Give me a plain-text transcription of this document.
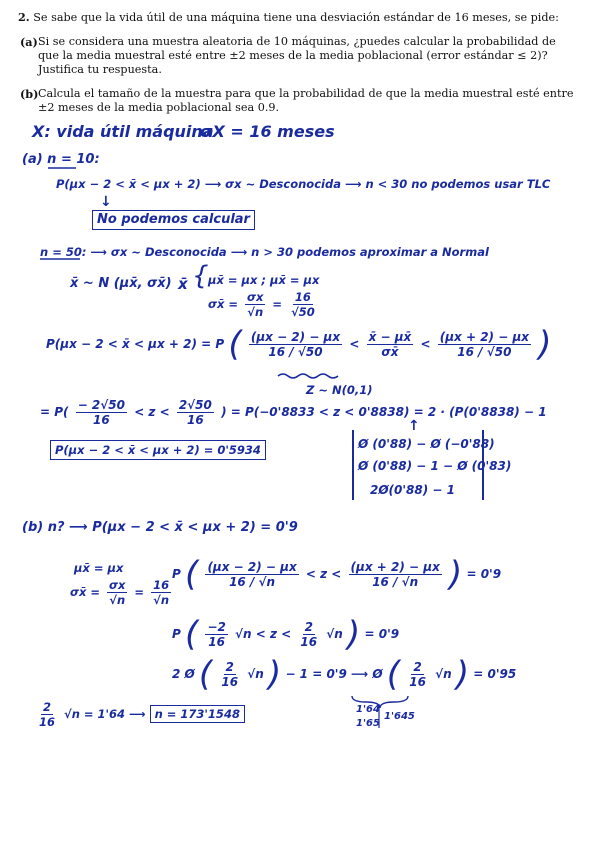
2. Se sabe que la vida útil de una máquina tiene una desviación estándar de 16 meses, se pide:

(a) Si se considera una muestra aleatoria de 10 máquinas, ¿puedes calcular la probabilidad de que la media muestral esté entre ±2 meses de la media poblacional (error estándar ≤ 2)? Justifica tu respuesta.
(b) Calcula el tamaño de la muestra para que la probabilidad de que la media muestral esté entre ±2 meses de la media poblacional sea 0.9.
X: vida útil máquina
σX = 16 meses
(a) n = 10:
P(μx − 2 < x̄ < μx + 2) ⟶ σx ~ Desconocida ⟶ n < 30 no podemos usar TLC
↓
No podemos calcular
n = 50: ⟶ σx ~ Desconocida ⟶ n > 30 podemos aproximar a Normal
x̄ ~ N (μx̄, σx̄) x̄ { μx̄ = μx ; μx̄ = μx
σx̄ = $\frac{\sigma x}{√n} = \frac{16}{√50}$
P(μx − 2 < x̄ < μx + 2) = P ( $\frac{(\mu x - 2) - \mu x}{16 / √50} < \frac{x̄ - \mu x̄}{\sigma x̄} < \frac{(\mu x + 2) - \mu x}{16 / √50}$ )
Z ~ N(0,1)
= $P( \frac{- 2√50}{16} < z < \frac{2√50}{16}$ ) = P(−0'8833 < z < 0'8838) = 2 · (P(0'8838) − 1
↑
P(μx − 2 < x̄ < μx + 2) = 0'5934	Ø (0'88) − Ø (−0'88)
Ø (0'88) − 1 − Ø (0'83)
2Ø(0'88) − 1
(b) n? ⟶ P(μx − 2 < x̄ < μx + 2) = 0'9
μx̄ = μx
σx̄ = $\frac{\sigma x}{√n} = \frac{16}{√n}$
P ( $\frac{(\mu x - 2) - \mu x}{16 / √n} < z < \frac{(\mu x + 2) - \mu x}{16 / √n}$ ) = 0'9
P ( $\frac{-2}{16} √n < z < \frac{2}{16} √n$ ) = 0'9
2 Ø ( $\frac{2}{16} √n$ ) − 1 = 0'9 ⟶ Ø ( $\frac{2}{16} √n$ ) = 0'95
1'64
1'65
1'645
$\frac{2}{16} √n = 1'64$ ⟶ n = 173'1548
